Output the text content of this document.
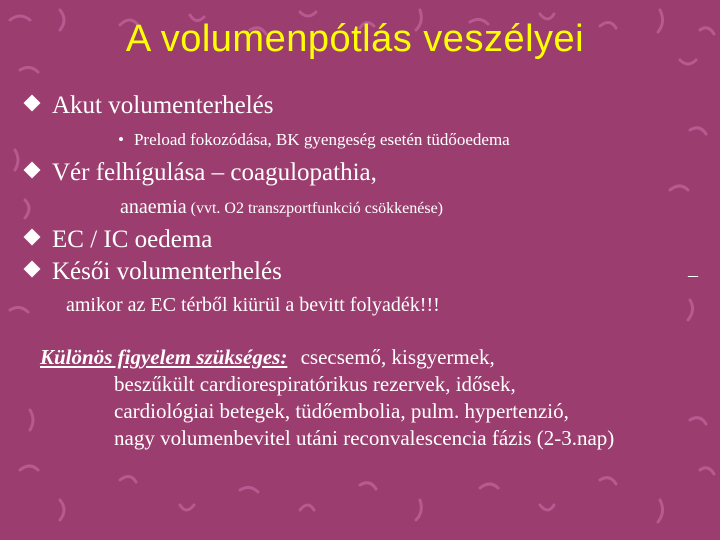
A volumenpótlás veszélyei
Akut volumenterhelés
• Preload fokozódása, BK gyengeség esetén tüdőoedema
Vér felhígulása – coagulopathia,
anaemia (vvt. O2 transzportfunkció csökkenése)
EC / IC oedema
Késői volumenterhelés
amikor az EC térből kiürül a bevitt folyadék!!!
–
Különös figyelem szükséges: csecsemő, kisgyermek,
beszűkült cardiorespiratórikus rezervek, idősek,
cardiológiai betegek, tüdőembolia, pulm. hypertenzió,
nagy volumenbevitel utáni reconvalescencia fázis (2-3.nap)
